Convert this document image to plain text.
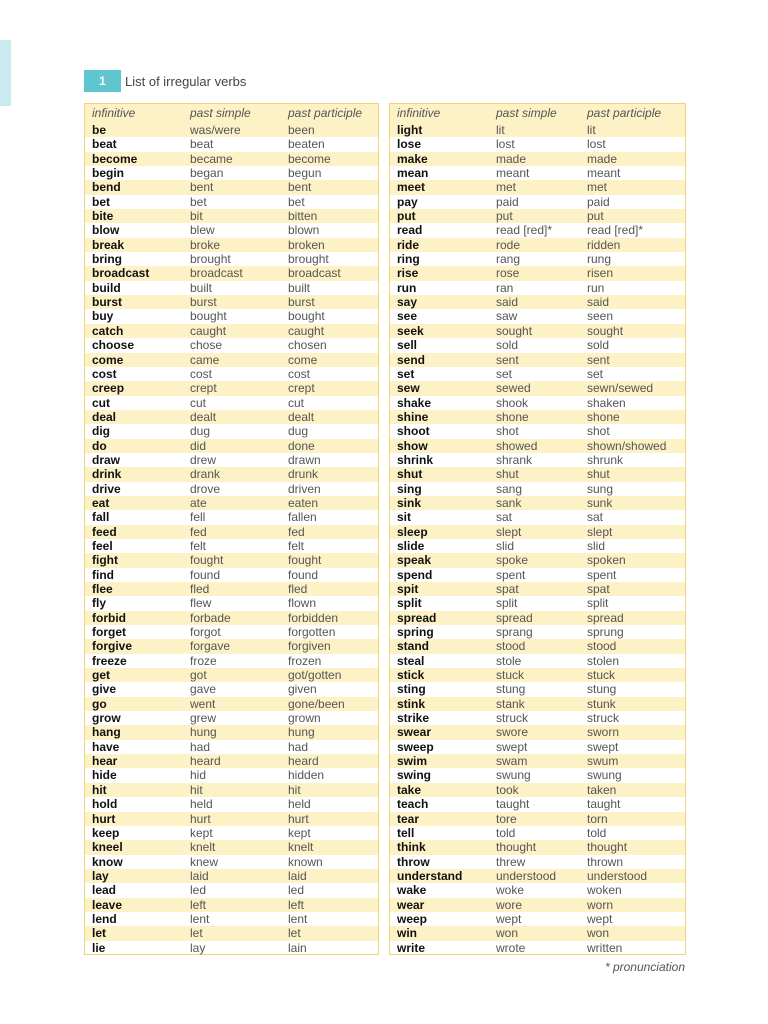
1	List of irregular verbs
infinitive	past simple	past participle
be	was/were	been
beat	beat	beaten
become	became	become
begin	began	begun
bend	bent	bent
bet	bet	bet
bite	bit	bitten
blow	blew	blown
break	broke	broken
bring	brought	brought
broadcast	broadcast	broadcast
build	built	built
burst	burst	burst
buy	bought	bought
catch	caught	caught
choose	chose	chosen
come	came	come
cost	cost	cost
creep	crept	crept
cut	cut	cut
deal	dealt	dealt
dig	dug	dug
do	did	done
draw	drew	drawn
drink	drank	drunk
drive	drove	driven
eat	ate	eaten
fall	fell	fallen
feed	fed	fed
feel	felt	felt
fight	fought	fought
find	found	found
flee	fled	fled
fly	flew	flown
forbid	forbade	forbidden
forget	forgot	forgotten
forgive	forgave	forgiven
freeze	froze	frozen
get	got	got/gotten
give	gave	given
go	went	gone/been
grow	grew	grown
hang	hung	hung
have	had	had
hear	heard	heard
hide	hid	hidden
hit	hit	hit
hold	held	held
hurt	hurt	hurt
keep	kept	kept
kneel	knelt	knelt
know	knew	known
lay	laid	laid
lead	led	led
leave	left	left
lend	lent	lent
let	let	let
lie	lay	lain
infinitive	past simple	past participle
light	lit	lit
lose	lost	lost
make	made	made
mean	meant	meant
meet	met	met
pay	paid	paid
put	put	put
read	read [red]*	read [red]*
ride	rode	ridden
ring	rang	rung
rise	rose	risen
run	ran	run
say	said	said
see	saw	seen
seek	sought	sought
sell	sold	sold
send	sent	sent
set	set	set
sew	sewed	sewn/sewed
shake	shook	shaken
shine	shone	shone
shoot	shot	shot
show	showed	shown/showed
shrink	shrank	shrunk
shut	shut	shut
sing	sang	sung
sink	sank	sunk
sit	sat	sat
sleep	slept	slept
slide	slid	slid
speak	spoke	spoken
spend	spent	spent
spit	spat	spat
split	split	split
spread	spread	spread
spring	sprang	sprung
stand	stood	stood
steal	stole	stolen
stick	stuck	stuck
sting	stung	stung
stink	stank	stunk
strike	struck	struck
swear	swore	sworn
sweep	swept	swept
swim	swam	swum
swing	swung	swung
take	took	taken
teach	taught	taught
tear	tore	torn
tell	told	told
think	thought	thought
throw	threw	thrown
understand	understood	understood
wake	woke	woken
wear	wore	worn
weep	wept	wept
win	won	won
write	wrote	written
* pronunciation
